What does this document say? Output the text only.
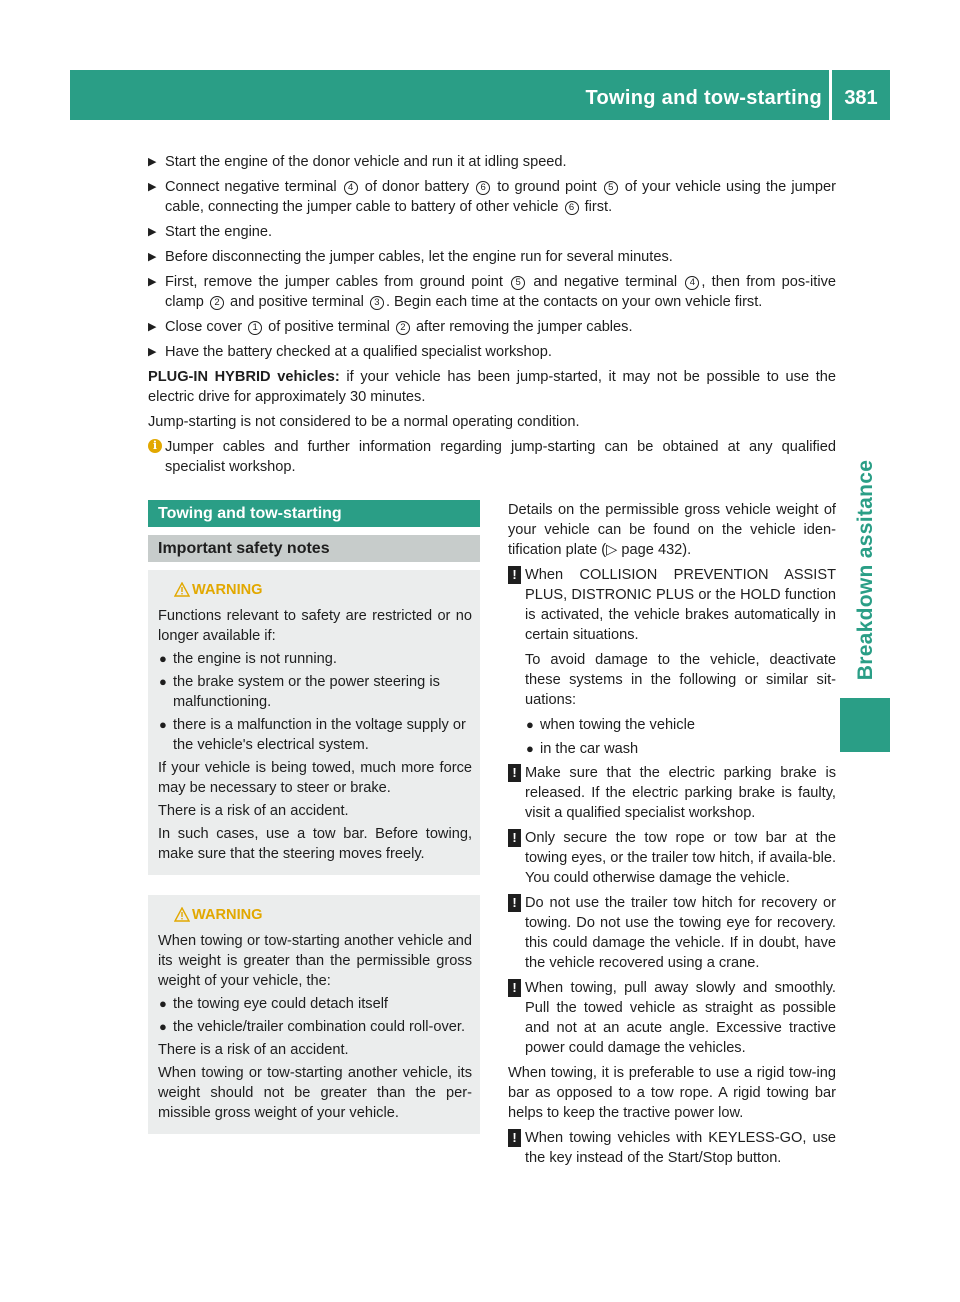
Towing and tow-starting	381
Breakdown assitance
▶ Start the engine of the donor vehicle and run it at idling speed.
▶ Connect negative terminal 4 of donor battery 6 to ground point 5 of your vehicle using the jumper cable, connecting the jumper cable to battery of other vehicle 6 first.
▶ Start the engine.
▶ Before disconnecting the jumper cables, let the engine run for several minutes.
▶ First, remove the jumper cables from ground point 5 and negative terminal 4 , then from pos-itive clamp 2 and positive terminal 3 . Begin each time at the contacts on your own vehicle first.
▶ Close cover 1 of positive terminal 2 after removing the jumper cables.
▶ Have the battery checked at a qualified specialist workshop.

PLUG-IN HYBRID vehicles: if your vehicle has been jump-started, it may not be possible to use the electric drive for approximately 30 minutes.

Jump-starting is not considered to be a normal operating condition.

i Jumper cables and further information regarding jump-starting can be obtained at any qualified specialist workshop.
Towing and tow-starting
Important safety notes
WARNING

Functions relevant to safety are restricted or no longer available if:

● the engine is not running.
● the brake system or the power steering is malfunctioning.
● there is a malfunction in the voltage supply or the vehicle's electrical system.

If your vehicle is being towed, much more force may be necessary to steer or brake.

There is a risk of an accident.

In such cases, use a tow bar. Before towing, make sure that the steering moves freely.

WARNING

When towing or tow-starting another vehicle and its weight is greater than the permissible gross weight of your vehicle, the:

● the towing eye could detach itself
● the vehicle/trailer combination could roll-over.

There is a risk of an accident.

When towing or tow-starting another vehicle, its weight should not be greater than the per-missible gross weight of your vehicle.

Details on the permissible gross vehicle weight of your vehicle can be found on the vehicle iden-tification plate (▷ page 432).

! When COLLISION PREVENTION ASSIST PLUS, DISTRONIC PLUS or the HOLD function is activated, the vehicle brakes automatically in certain situations.
To avoid damage to the vehicle, deactivate these systems in the following or similar sit-uations:
● when towing the vehicle
● in the car wash
! Make sure that the electric parking brake is released. If the electric parking brake is faulty, visit a qualified specialist workshop.
! Only secure the tow rope or tow bar at the towing eyes, or the trailer tow hitch, if availa-ble. You could otherwise damage the vehicle.
! Do not use the trailer tow hitch for recovery or towing. Do not use the towing eye for recovery. this could damage the vehicle. If in doubt, have the vehicle recovered using a crane.
! When towing, pull away slowly and smoothly. Pull the towed vehicle as straight as possible and not at an acute angle. Excessive tractive power could damage the vehicles.

When towing, it is preferable to use a rigid tow-ing bar as opposed to a tow rope. A rigid towing bar helps to keep the tractive power low.

! When towing vehicles with KEYLESS-GO, use the key instead of the Start/Stop button.
